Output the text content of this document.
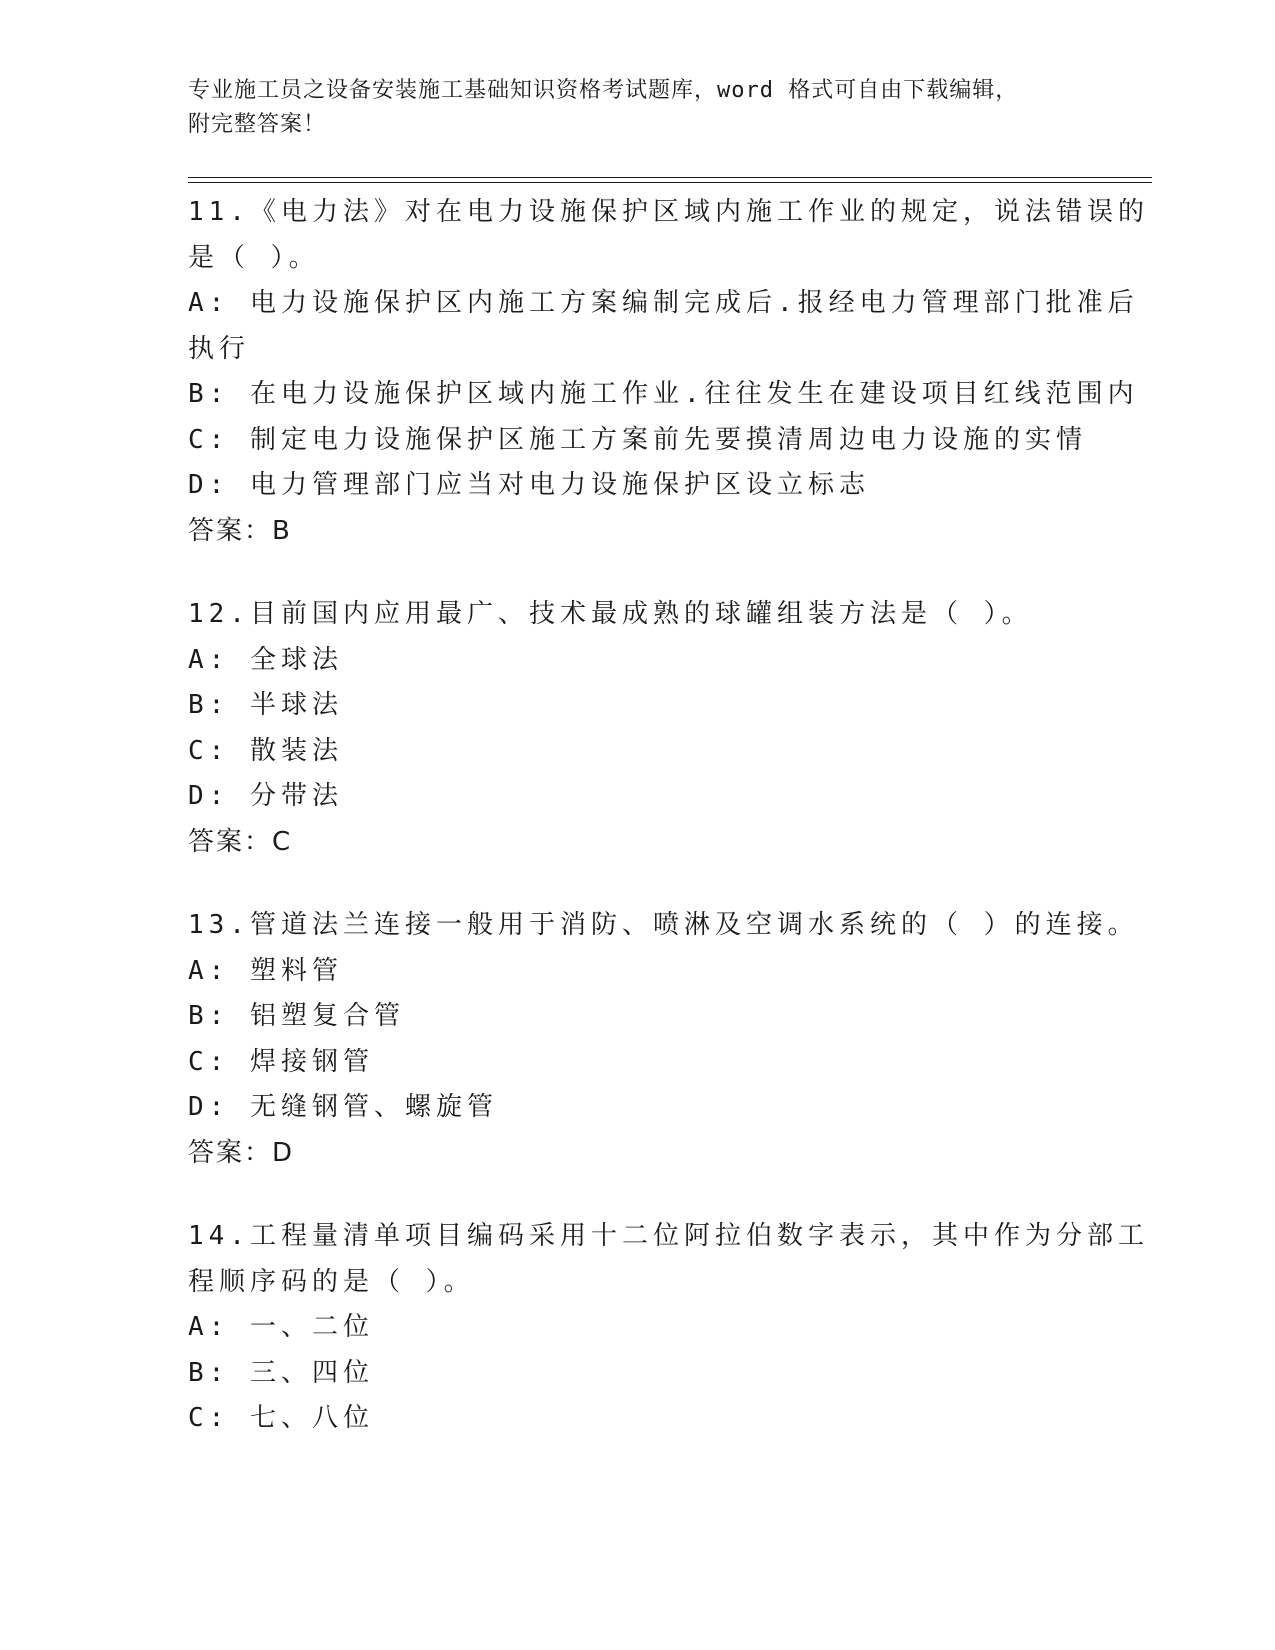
专业施工员之设备安装施工基础知识资格考试题库，word 格式可自由下载编辑，
附完整答案！
11.《电力法》对在电力设施保护区域内施工作业的规定，说法错误的
是（ ）。
A: 电力设施保护区内施工方案编制完成后.报经电力管理部门批准后
执行
B: 在电力设施保护区域内施工作业.往往发生在建设项目红线范围内
C: 制定电力设施保护区施工方案前先要摸清周边电力设施的实情
D: 电力管理部门应当对电力设施保护区设立标志
答案：B
12.目前国内应用最广、技术最成熟的球罐组装方法是（ ）。
A: 全球法
B: 半球法
C: 散装法
D: 分带法
答案：C
13.管道法兰连接一般用于消防、喷淋及空调水系统的（ ）的连接。
A: 塑料管
B: 铝塑复合管
C: 焊接钢管
D: 无缝钢管、螺旋管
答案：D
14.工程量清单项目编码采用十二位阿拉伯数字表示，其中作为分部工
程顺序码的是（ ）。
A: 一、二位
B: 三、四位
C: 七、八位
